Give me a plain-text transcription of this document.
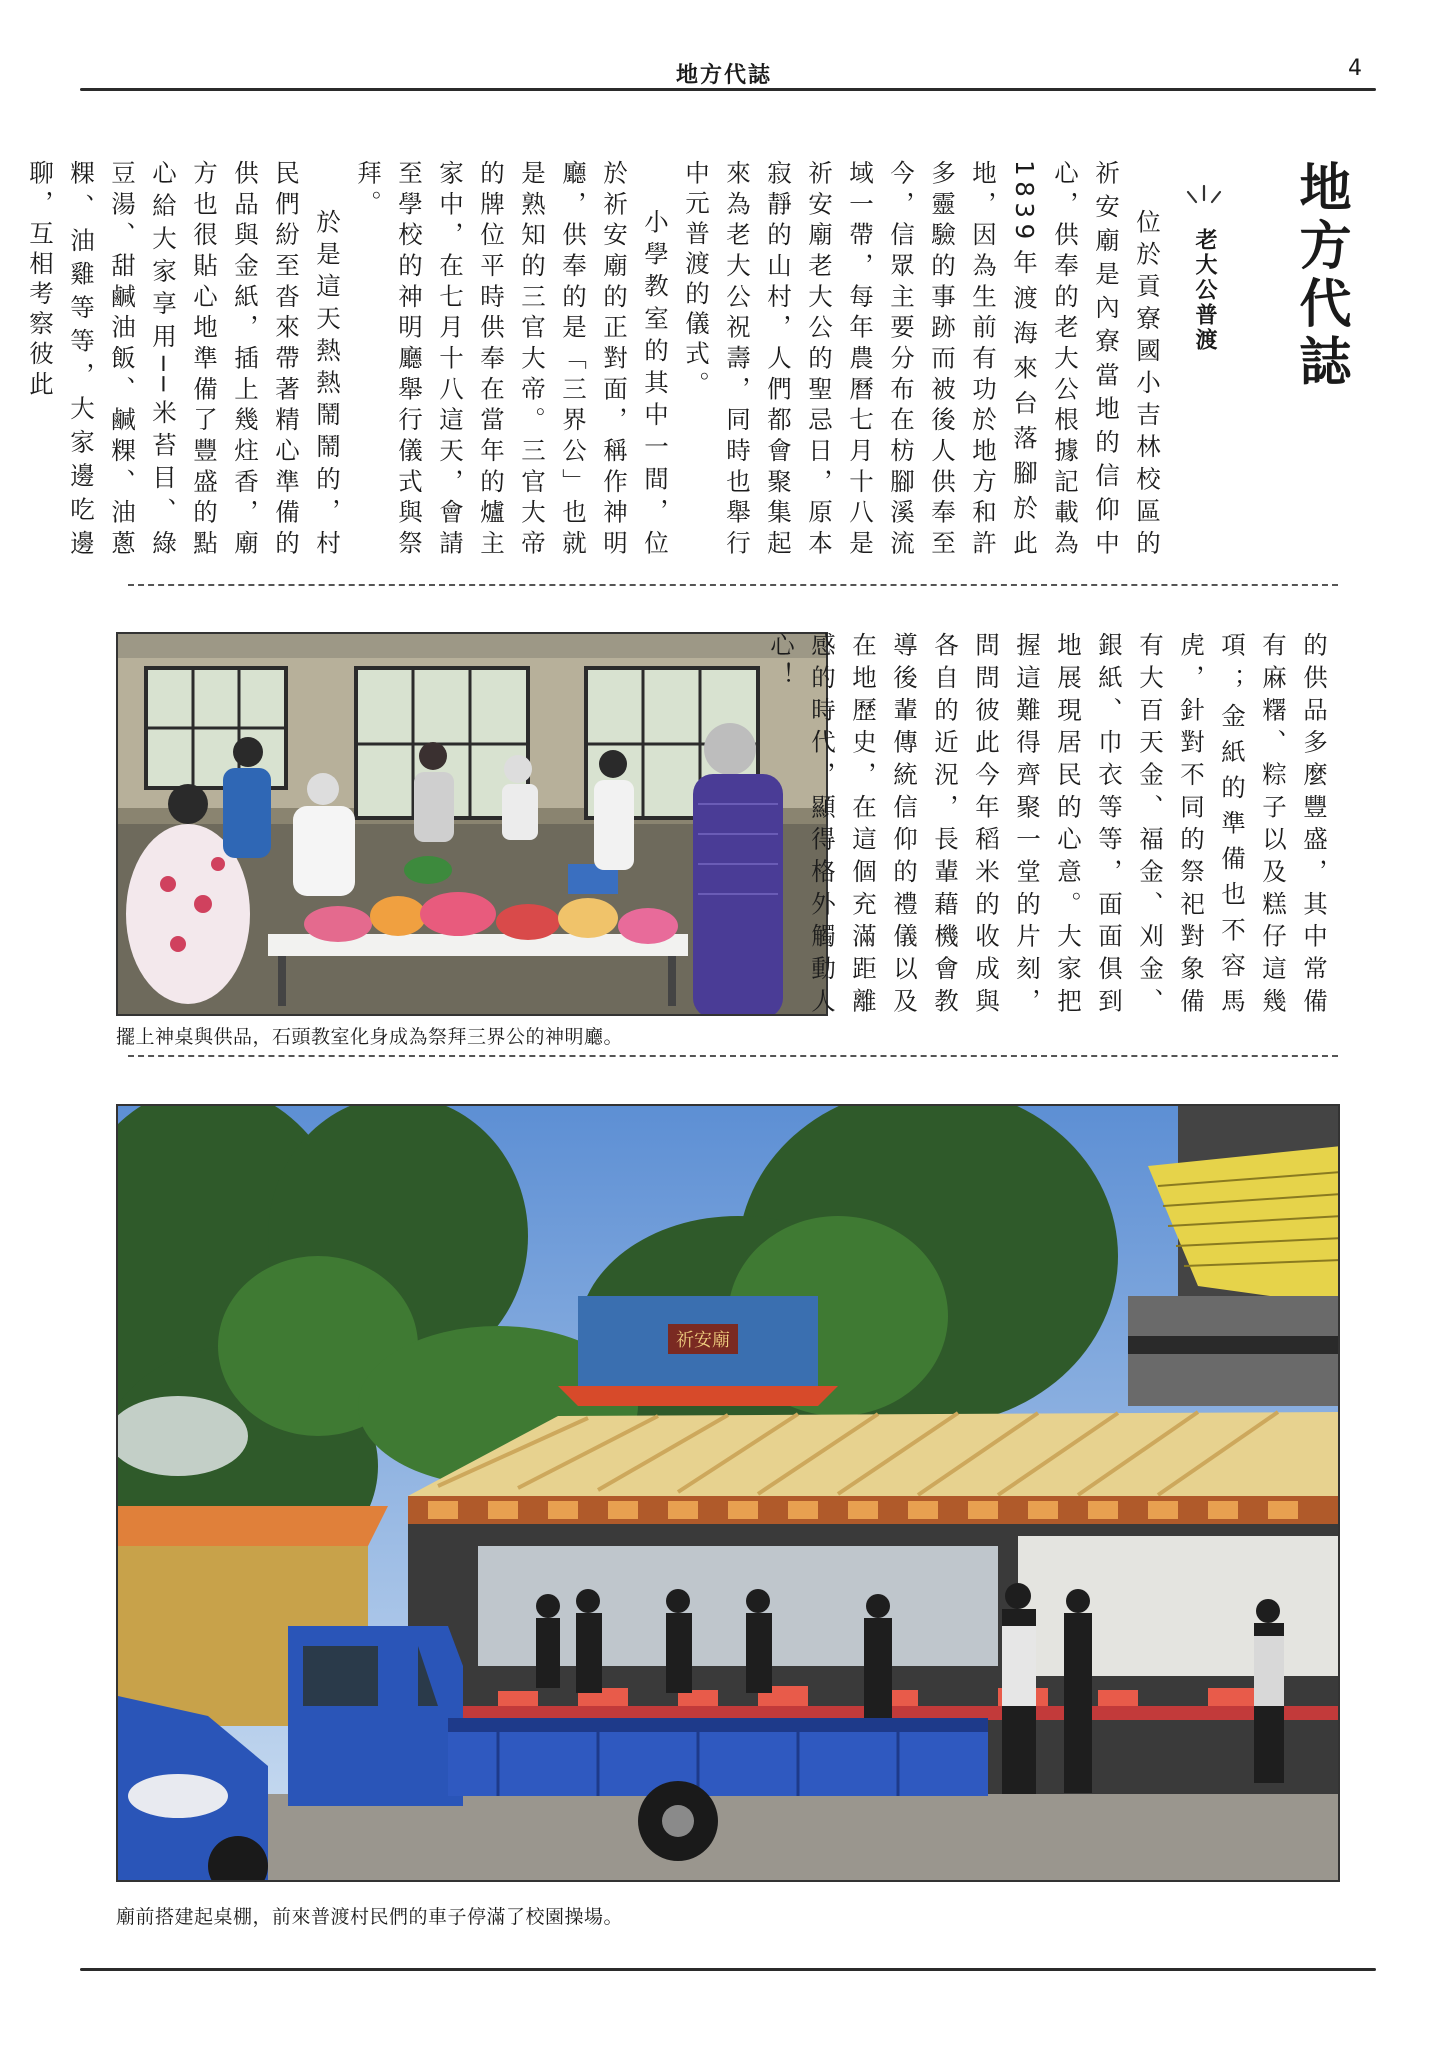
地方代誌	4
地方代誌
老大公普渡

位於貢寮國小吉林校區的祈安廟是內寮當地的信仰中心，供奉的老大公根據記載為1839年渡海來台落腳於此地，因為生前有功於地方和許多靈驗的事跡而被後人供奉至今，信眾主要分布在枋腳溪流域一帶，每年農曆七月十八是祈安廟老大公的聖忌日，原本寂靜的山村，人們都會聚集起來為老大公祝壽，同時也舉行中元普渡的儀式。

小學教室的其中一間，位於祈安廟的正對面，稱作神明廳，供奉的是「三界公」也就是熟知的三官大帝。三官大帝的牌位平時供奉在當年的爐主家中，在七月十八這天，會請至學校的神明廳舉行儀式與祭拜。

於是這天熱熱鬧鬧的，村民們紛至沓來帶著精心準備的供品與金紙，插上幾炷香，廟方也很貼心地準備了豐盛的點心給大家享用──米苔目、綠豆湯、甜鹹油飯、鹹粿、油蔥粿、油雞等等，大家邊吃邊聊，互相考察彼此

的供品多麼豐盛，其中常備有麻糬、粽子以及糕仔這幾項；金紙的準備也不容馬虎，針對不同的祭祀對象備有大百天金、福金、刈金、銀紙、巾衣等等，面面俱到地展現居民的心意。大家把握這難得齊聚一堂的片刻，問問彼此今年稻米的收成與各自的近況，長輩藉機會教導後輩傳統信仰的禮儀以及在地歷史，在這個充滿距離感的時代，顯得格外觸動人心！

擺上神桌與供品，石頭教室化身成為祭拜三界公的神明廳。
祈安廟
廟前搭建起桌棚，前來普渡村民們的車子停滿了校園操場。
